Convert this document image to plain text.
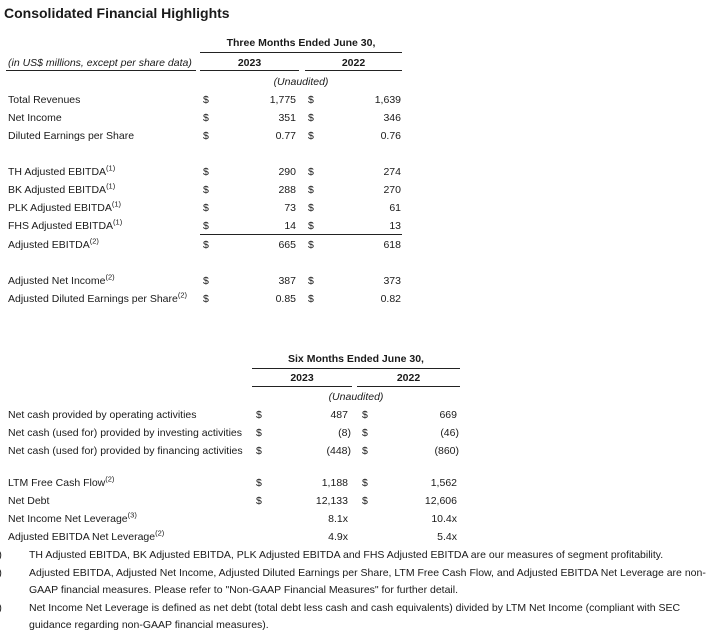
Consolidated Financial Highlights
Three Months Ended June 30,
(in US$ millions, except per share data)	2023	2022
(Unaudited)
Total Revenues	$	1,775 $	1,639
Net Income	$	351 $	346
Diluted Earnings per Share	$	0.77 $	0.76
TH Adjusted EBITDA$^{(1)}$	$	290 $	274
BK Adjusted EBITDA$^{(1)}$	$	288 $	270
PLK Adjusted EBITDA$^{(1)}$	$	73 $	61
FHS Adjusted EBITDA$^{(1)}$	$	14 $	13
Adjusted EBITDA$^{(2)}$	$	665 $	618
Adjusted Net Income$^{(2)}$	$	387 $	373
Adjusted Diluted Earnings per Share$^{(2)}$ $	0.85 $	0.82
Six Months Ended June 30,
2023	2022
(Unaudited)
Net cash provided by operating activities	$	487 $	669
Net cash (used for) provided by investing activities $	(8) $	(46)
Net cash (used for) provided by financing activities $	(448) $	(860)
LTM Free Cash Flow$^{(2)}$	$	1,188 $	1,562
Net Debt	$	12,133 $	12,606
Net Income Net Leverage$^{(3)}$	8.1x	10.4x
Adjusted EBITDA Net Leverage$^{(2)}$	4.9x	5.4x
TH Adjusted EBITDA, BK Adjusted EBITDA, PLK Adjusted EBITDA and FHS Adjusted EBITDA are our measures of segment profitability.
Adjusted EBITDA, Adjusted Net Income, Adjusted Diluted Earnings per Share, LTM Free Cash Flow, and Adjusted EBITDA Net Leverage are non-GAAP financial measures. Please refer to "Non-GAAP Financial Measures" for further detail.
Net Income Net Leverage is defined as net debt (total debt less cash and cash equivalents) divided by LTM Net Income (compliant with SEC guidance regarding non-GAAP financial measures).
